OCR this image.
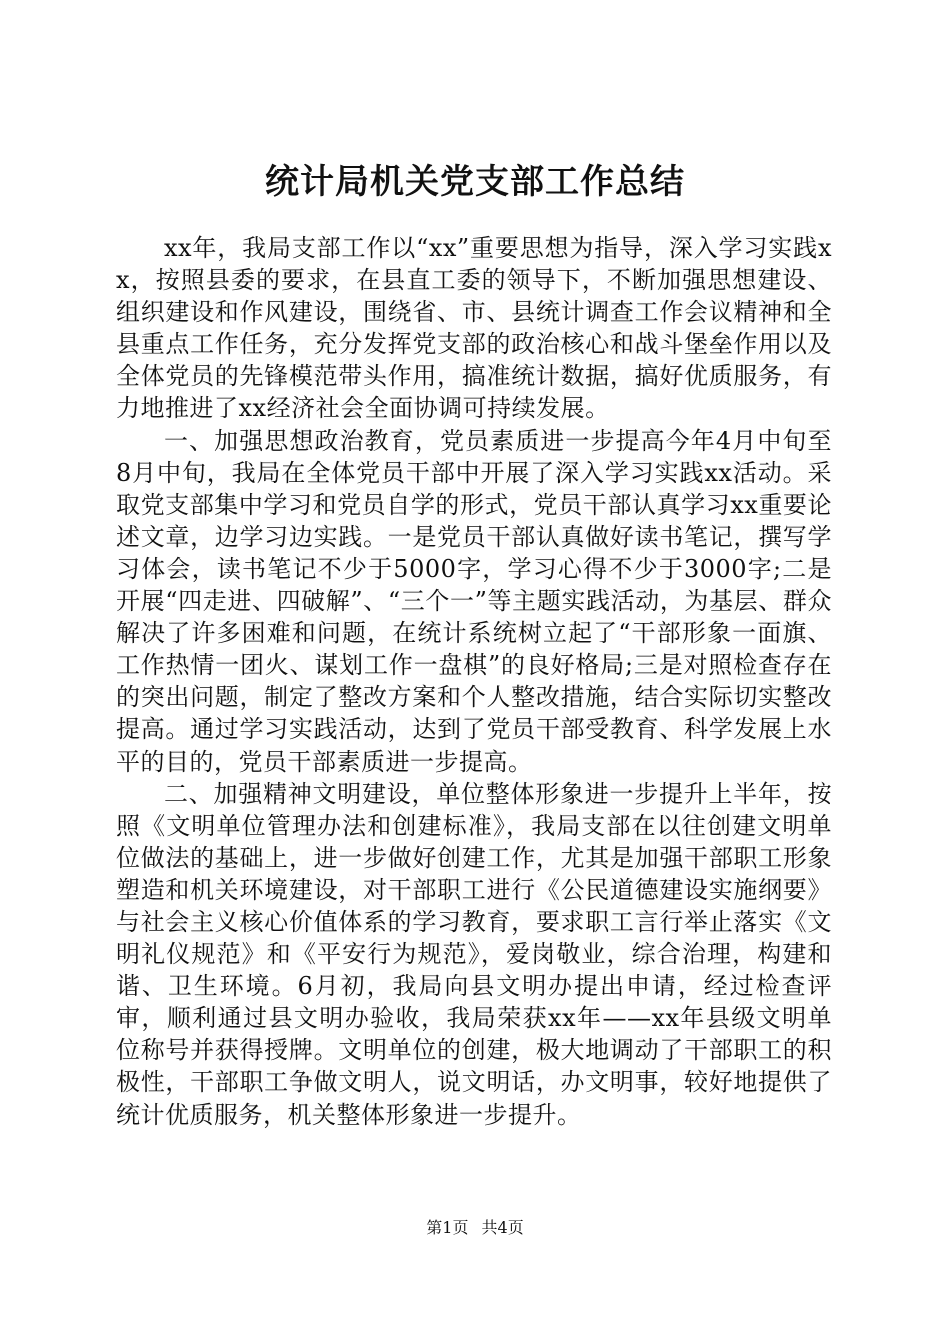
统计局机关党支部工作总结

xx年，我局支部工作以“xx”重要思想为指导，深入学习实践xx，按照县委的要求，在县直工委的领导下，不断加强思想建设、组织建设和作风建设，围绕省、市、县统计调查工作会议精神和全县重点工作任务，充分发挥党支部的政治核心和战斗堡垒作用以及全体党员的先锋模范带头作用，搞准统计数据，搞好优质服务，有力地推进了xx经济社会全面协调可持续发展。

一、加强思想政治教育，党员素质进一步提高今年4月中旬至8月中旬，我局在全体党员干部中开展了深入学习实践xx活动。采取党支部集中学习和党员自学的形式，党员干部认真学习xx重要论述文章，边学习边实践。一是党员干部认真做好读书笔记，撰写学习体会，读书笔记不少于5000字，学习心得不少于3000字;二是开展“四走进、四破解”、“三个一”等主题实践活动，为基层、群众解决了许多困难和问题，在统计系统树立起了“干部形象一面旗、工作热情一团火、谋划工作一盘棋”的良好格局;三是对照检查存在的突出问题，制定了整改方案和个人整改措施，结合实际切实整改提高。通过学习实践活动，达到了党员干部受教育、科学发展上水平的目的，党员干部素质进一步提高。

二、加强精神文明建设，单位整体形象进一步提升上半年，按照《文明单位管理办法和创建标准》，我局支部在以往创建文明单位做法的基础上，进一步做好创建工作，尤其是加强干部职工形象塑造和机关环境建设，对干部职工进行《公民道德建设实施纲要》与社会主义核心价值体系的学习教育，要求职工言行举止落实《文明礼仪规范》和《平安行为规范》，爱岗敬业，综合治理，构建和谐、卫生环境。6月初，我局向县文明办提出申请，经过检查评审，顺利通过县文明办验收，我局荣获xx年——xx年县级文明单位称号并获得授牌。文明单位的创建，极大地调动了干部职工的积极性，干部职工争做文明人，说文明话，办文明事，较好地提供了统计优质服务，机关整体形象进一步提升。

第1页 共4页
